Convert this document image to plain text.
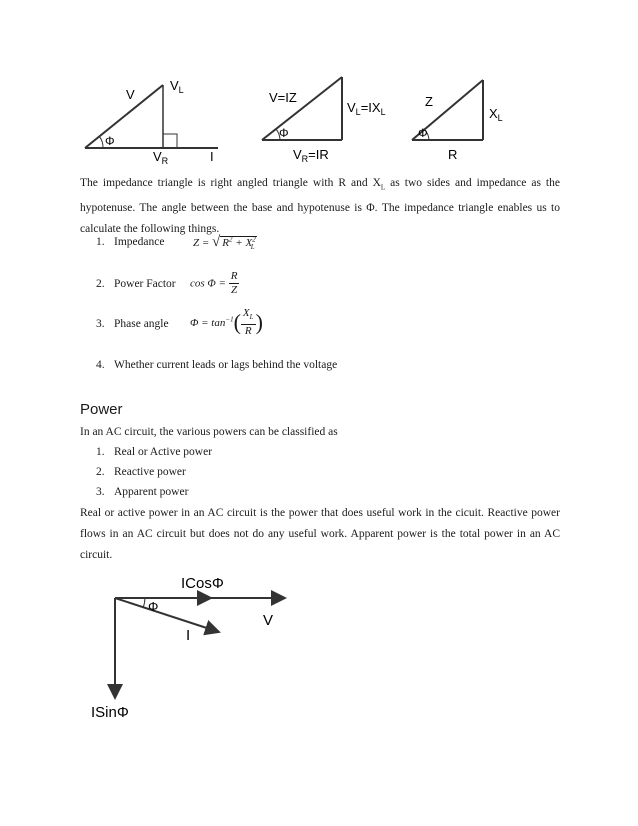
Φ
V
$V_L$
$V_R$	I
Φ
V=IZ
$V_L=IX_L$
$V_R=IR$
Φ
Z
$X_L$
R
The impedance triangle is right angled triangle with R and $X_L$ as two sides and impedance as the hypotenuse. The angle between the base and hypotenuse is Φ. The impedance triangle enables us to calculate the following things.
1. Impedance
2. Power Factor
3. Phase angle
4. Whether current leads or lags behind the voltage
Z = √ $R^2 + X^2_L$
$\cos \Phi = \frac{R}{Z}$
$\Phi = \tan^{-1}( \frac{X_L}{R}$ )
Power
In an AC circuit, the various powers can be classified as
1. Real or Active power
2. Reactive power
3. Apparent power
Real or active power in an AC circuit is the power that does useful work in the cicuit. Reactive power flows in an AC circuit but does not do any useful work. Apparent power is the total power in an AC circuit.
Φ
ICosΦ
V
I
ISinΦ
